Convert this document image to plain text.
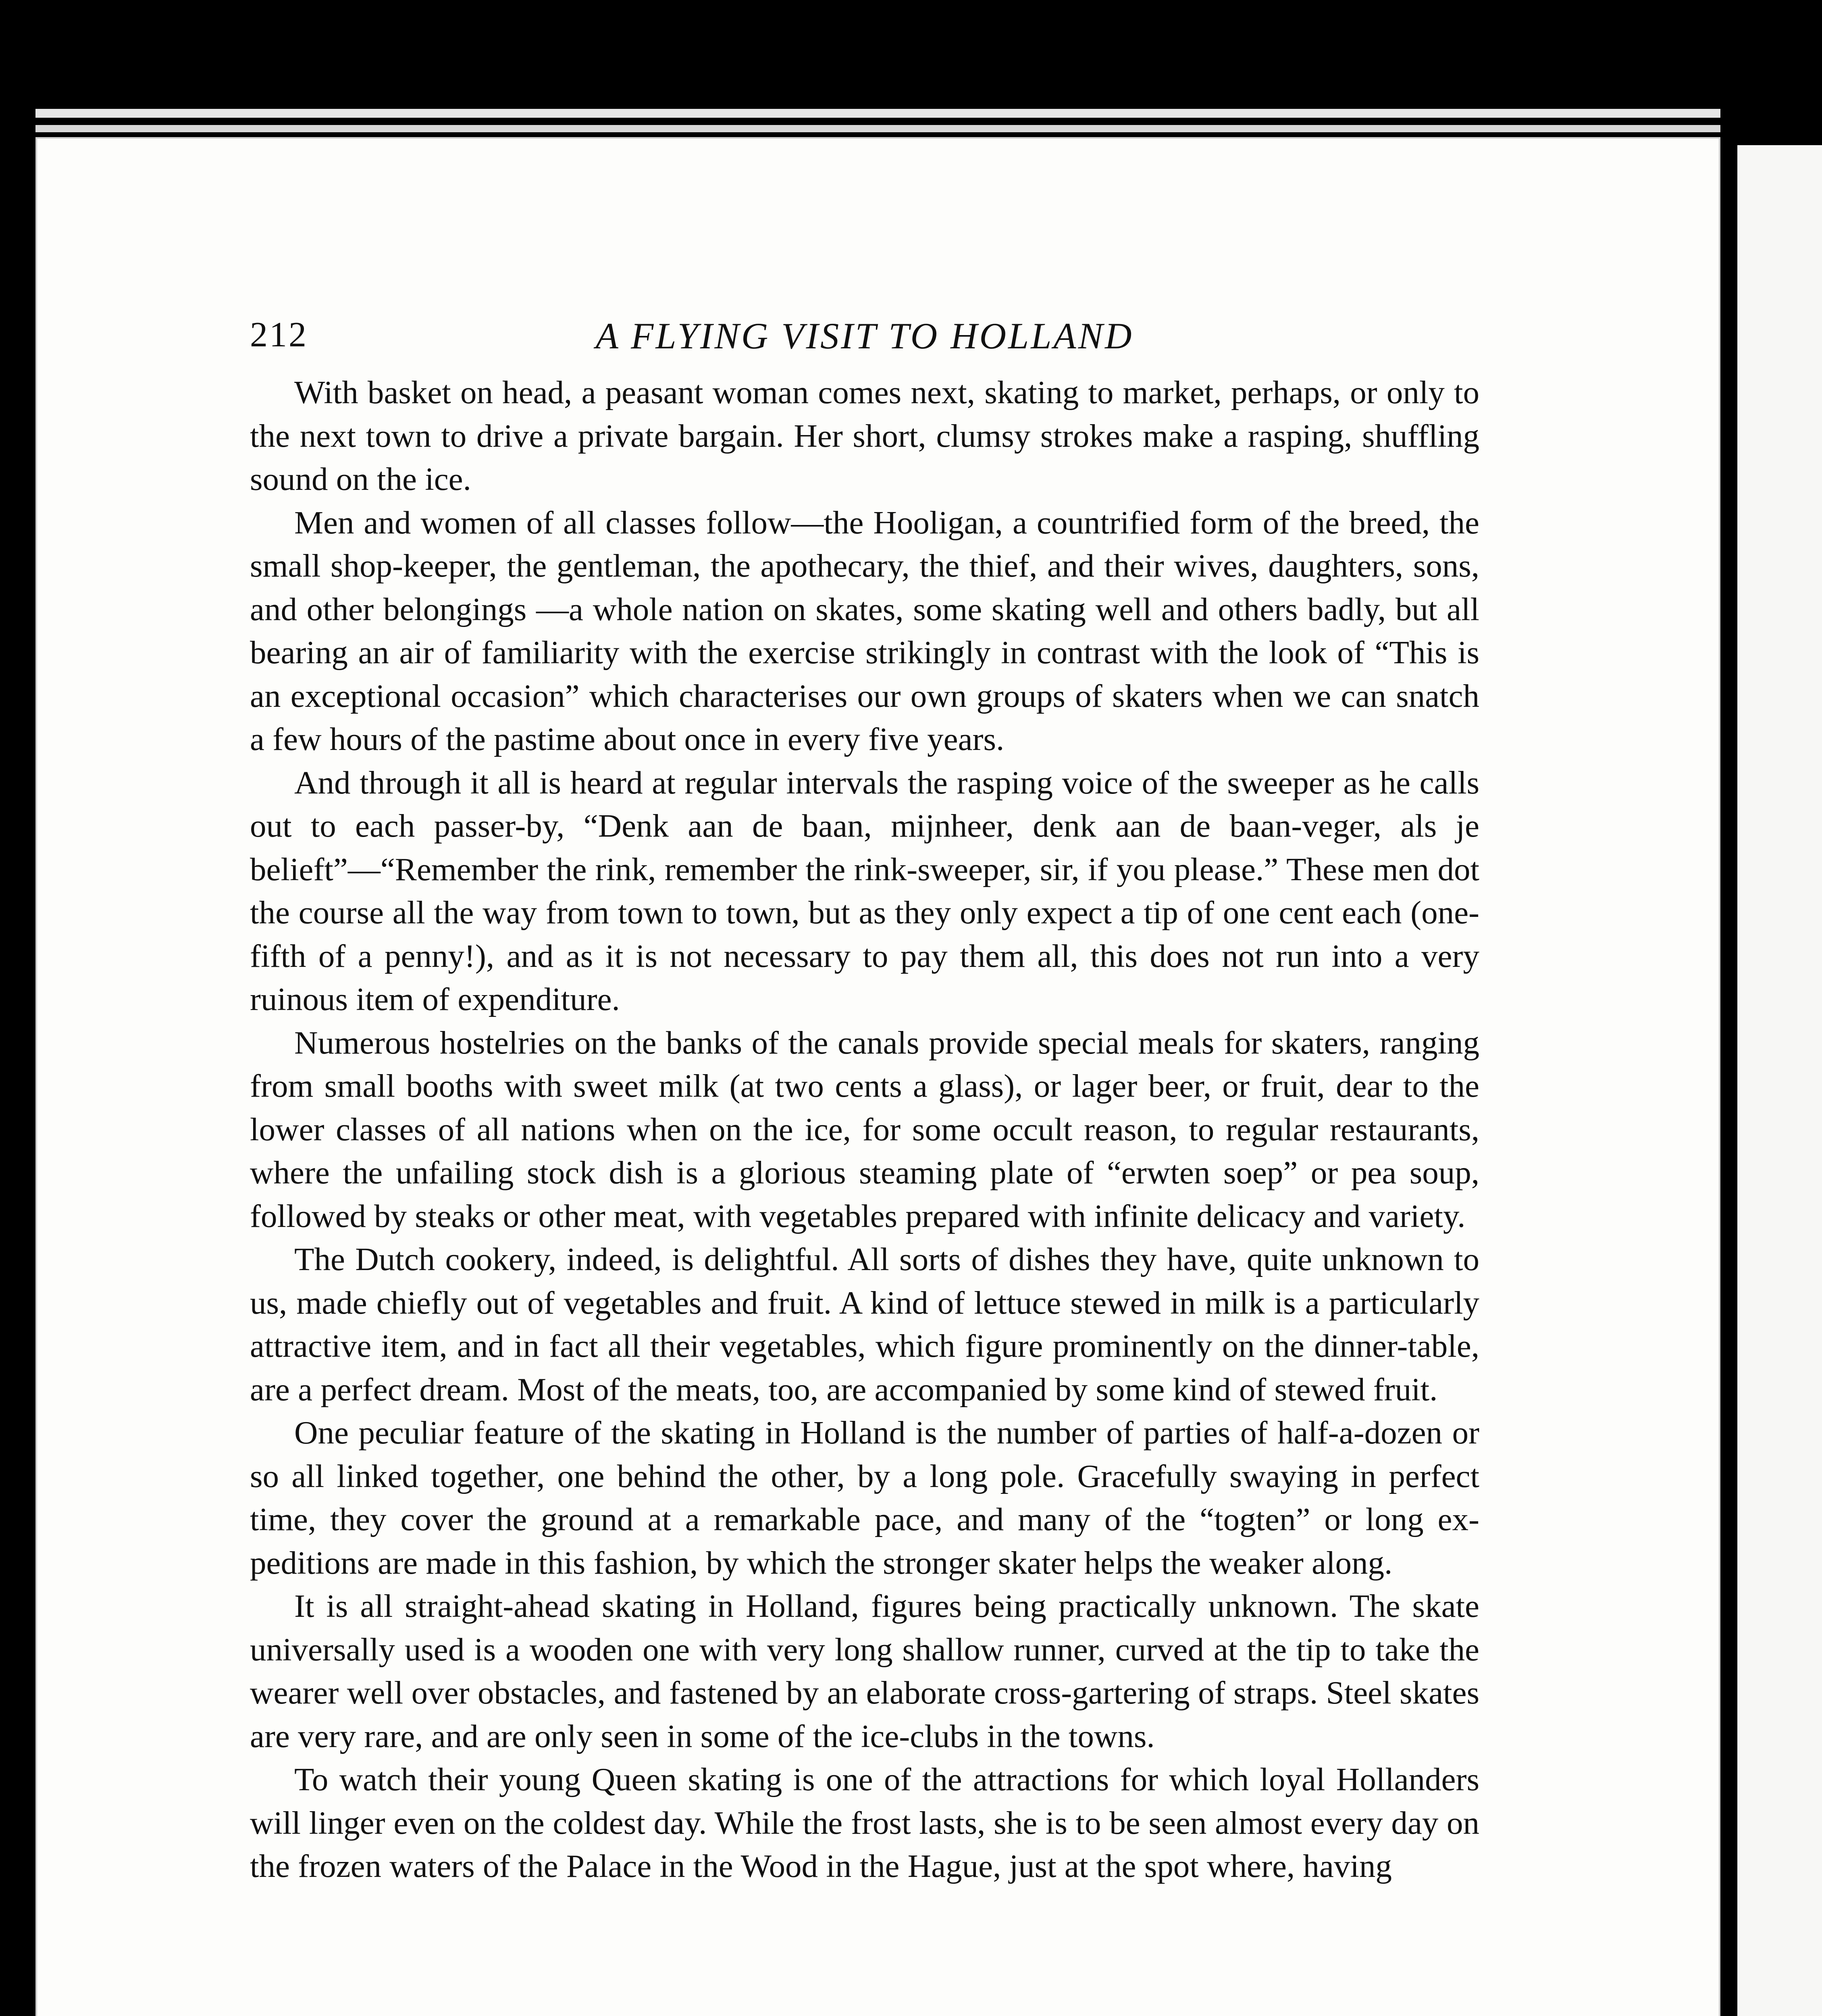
212	A FLYING VISIT TO HOLLAND

With basket on head, a peasant woman comes next, skating to market, perhaps, or only to the next town to drive a private bargain. Her short, clumsy strokes make a rasping, shuffling sound on the ice.

Men and women of all classes follow—the Hooligan, a countrified form of the breed, the small shop-keeper, the gentleman, the apothecary, the thief, and their wives, daughters, sons, and other belongings —a whole nation on skates, some skating well and others badly, but all bearing an air of familiarity with the exercise strikingly in contrast with the look of “This is an exceptional occasion” which characterises our own groups of skaters when we can snatch a few hours of the pastime about once in every five years.

And through it all is heard at regular intervals the rasping voice of the sweeper as he calls out to each passer-by, “Denk aan de baan, mijnheer, denk aan de baan-veger, als je belieft”—“Remember the rink, remember the rink-sweeper, sir, if you please.” These men dot the course all the way from town to town, but as they only expect a tip of one cent each (one-fifth of a penny!), and as it is not necessary to pay them all, this does not run into a very ruinous item of expenditure.

Numerous hostelries on the banks of the canals provide special meals for skaters, ranging from small booths with sweet milk (at two cents a glass), or lager beer, or fruit, dear to the lower classes of all nations when on the ice, for some occult reason, to regular restaurants, where the unfailing stock dish is a glorious steaming plate of “erwten soep” or pea soup, followed by steaks or other meat, with vegetables prepared with infinite delicacy and variety.

The Dutch cookery, indeed, is delightful. All sorts of dishes they have, quite unknown to us, made chiefly out of vegetables and fruit. A kind of lettuce stewed in milk is a particularly attractive item, and in fact all their vegetables, which figure prominently on the dinner-table, are a perfect dream. Most of the meats, too, are accompanied by some kind of stewed fruit.

One peculiar feature of the skating in Holland is the number of parties of half-a-dozen or so all linked together, one behind the other, by a long pole. Gracefully swaying in perfect time, they cover the ground at a remarkable pace, and many of the “togten” or long expeditions are made in this fashion, by which the stronger skater helps the weaker along.

It is all straight-ahead skating in Holland, figures being practically unknown. The skate universally used is a wooden one with very long shallow runner, curved at the tip to take the wearer well over obstacles, and fastened by an elaborate cross-gartering of straps. Steel skates are very rare, and are only seen in some of the ice-clubs in the towns.

To watch their young Queen skating is one of the attractions for which loyal Hollanders will linger even on the coldest day. While the frost lasts, she is to be seen almost every day on the frozen waters of the Palace in the Wood in the Hague, just at the spot where, having
